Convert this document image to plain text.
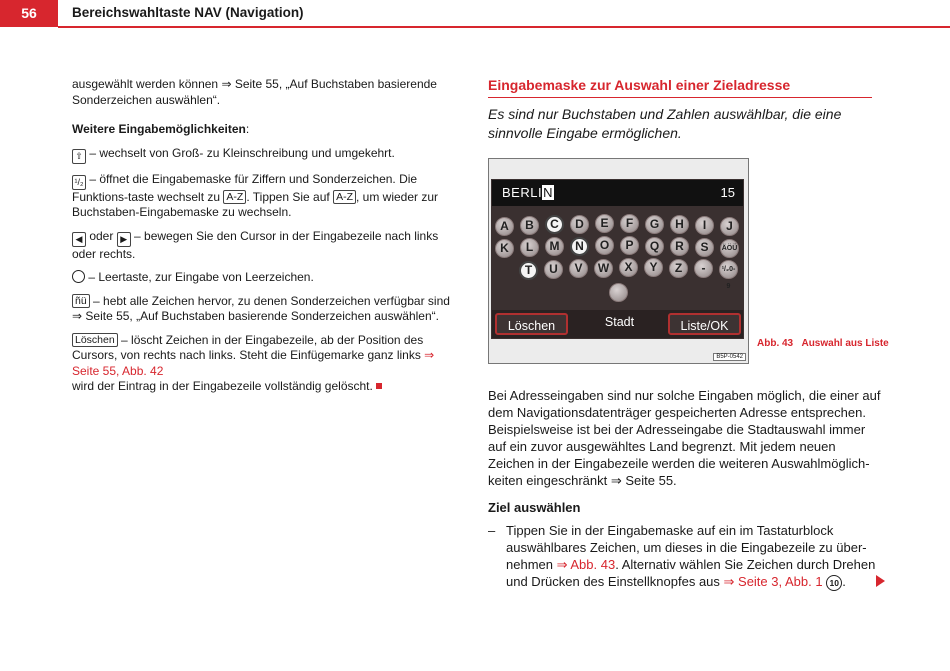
56	Bereichswahltaste NAV (Navigation)

ausgewählt werden können ⇒ Seite 55, „Auf Buchstaben basierende Sonderzeichen auswählen“.

Weitere Eingabemöglichkeiten:

⇧ – wechselt von Groß- zu Kleinschreibung und umgekehrt.

¹/₂ – öffnet die Eingabemaske für Ziffern und Sonderzeichen. Die Funktions-taste wechselt zu A-Z . Tippen Sie auf A-Z , um wieder zur Buchstaben-Eingabemaske zu wechseln.

◀ oder ▶ – bewegen Sie den Cursor in der Eingabezeile nach links oder rechts.

– Leertaste, zur Eingabe von Leerzeichen.

ñü – hebt alle Zeichen hervor, zu denen Sonderzeichen verfügbar sind ⇒ Seite 55, „Auf Buchstaben basierende Sonderzeichen auswählen“.

Löschen – löscht Zeichen in der Eingabezeile, ab der Position des Cursors, von rechts nach links. Steht die Einfügemarke ganz links ⇒ Seite 55, Abb. 42
wird der Eintrag in der Eingabezeile vollständig gelöscht.

Eingabemaske zur Auswahl einer Zieladresse
Es sind nur Buchstaben und Zahlen auswählbar, die eine sinnvolle Eingabe ermöglichen.
BERLIN	15
A	B	C	D	E	F	G	H	I	J
K	L	M	N	O	P	Q	R	S	ÄÖÜ
T	U	V	W	X	Y	Z	-	¹/₂0-9
Löschen	Stadt	Liste/OK
B5P-0542
Abb. 43 Auswahl aus Liste

Bei Adresseingaben sind nur solche Eingaben möglich, die einer auf dem Navigationsdatenträger gespeicherten Adresse entsprechen. Beispielsweise ist bei der Adresseingabe die Stadtauswahl immer auf ein zuvor ausgewähltes Land begrenzt. Mit jedem neuen Zeichen in der Eingabezeile werden die weiteren Auswahlmöglich-keiten eingeschränkt ⇒ Seite 55.

Ziel auswählen
– Tippen Sie in der Eingabemaske auf ein im Tastaturblock auswählbares Zeichen, um dieses in die Eingabezeile zu über-nehmen ⇒ Abb. 43. Alternativ wählen Sie Zeichen durch Drehen und Drücken des Einstellknopfes aus ⇒ Seite 3, Abb. 1 10 .
